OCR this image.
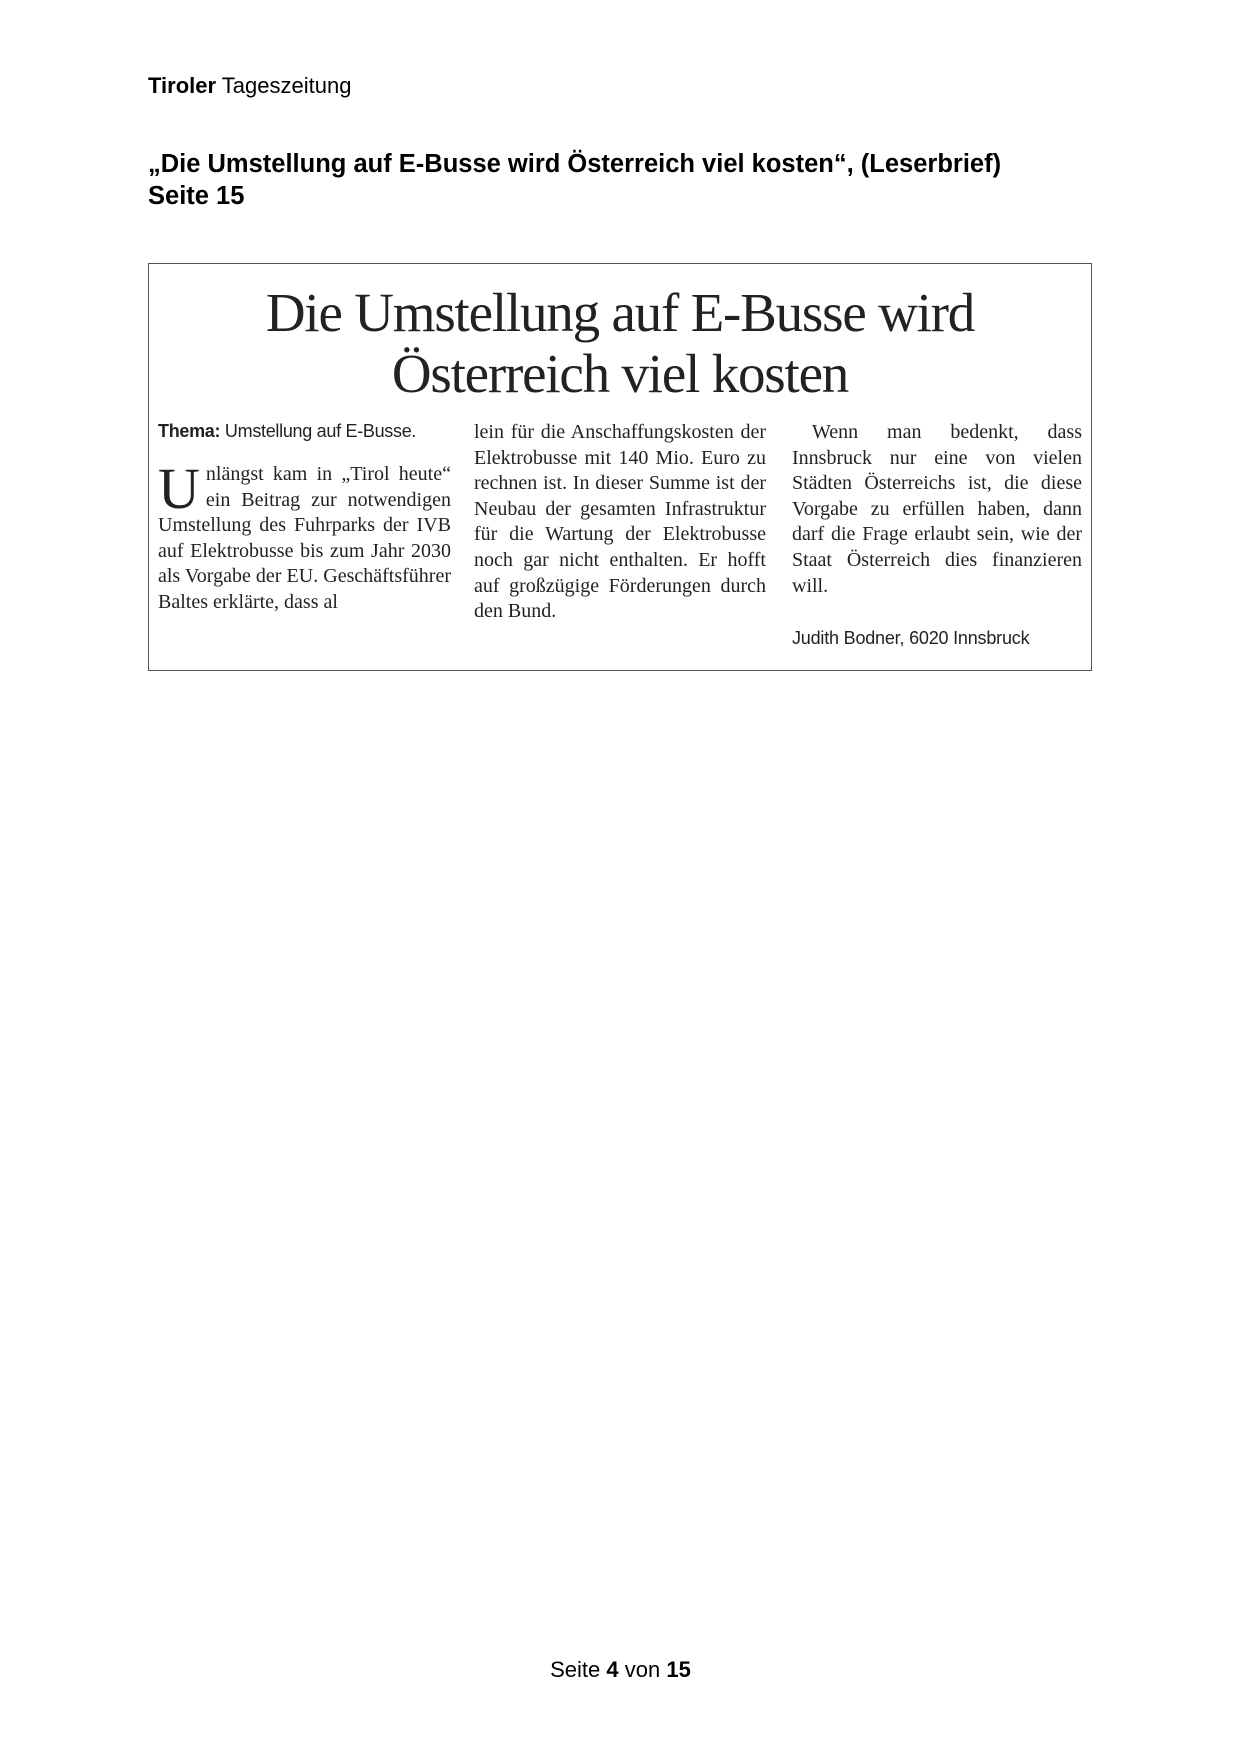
Tiroler Tageszeitung
„Die Umstellung auf E-Busse wird Österreich viel kosten“, (Leserbrief)
Seite 15
Die Umstellung auf E-Busse wird
Österreich viel kosten
Thema: Umstellung auf E-Busse.
U nlängst kam in „Tirol heute“ ein Beitrag zur notwendigen Umstellung des Fuhrparks der IVB auf Elektrobusse bis zum Jahr 2030 als Vorgabe der EU. Geschäftsführer Baltes erklärte, dass al
lein für die Anschaffungskosten der Elektrobusse mit 140 Mio. Euro zu rechnen ist. In dieser Summe ist der Neubau der gesamten Infrastruktur für die Wartung der Elektrobusse noch gar nicht enthalten. Er hofft auf großzügige Förderungen durch den Bund.
Wenn man bedenkt, dass Innsbruck nur eine von vielen Städten Österreichs ist, die diese Vorgabe zu erfüllen haben, dann darf die Frage erlaubt sein, wie der Staat Österreich dies finanzieren will.
Judith Bodner, 6020 Innsbruck
Seite 4 von 15
